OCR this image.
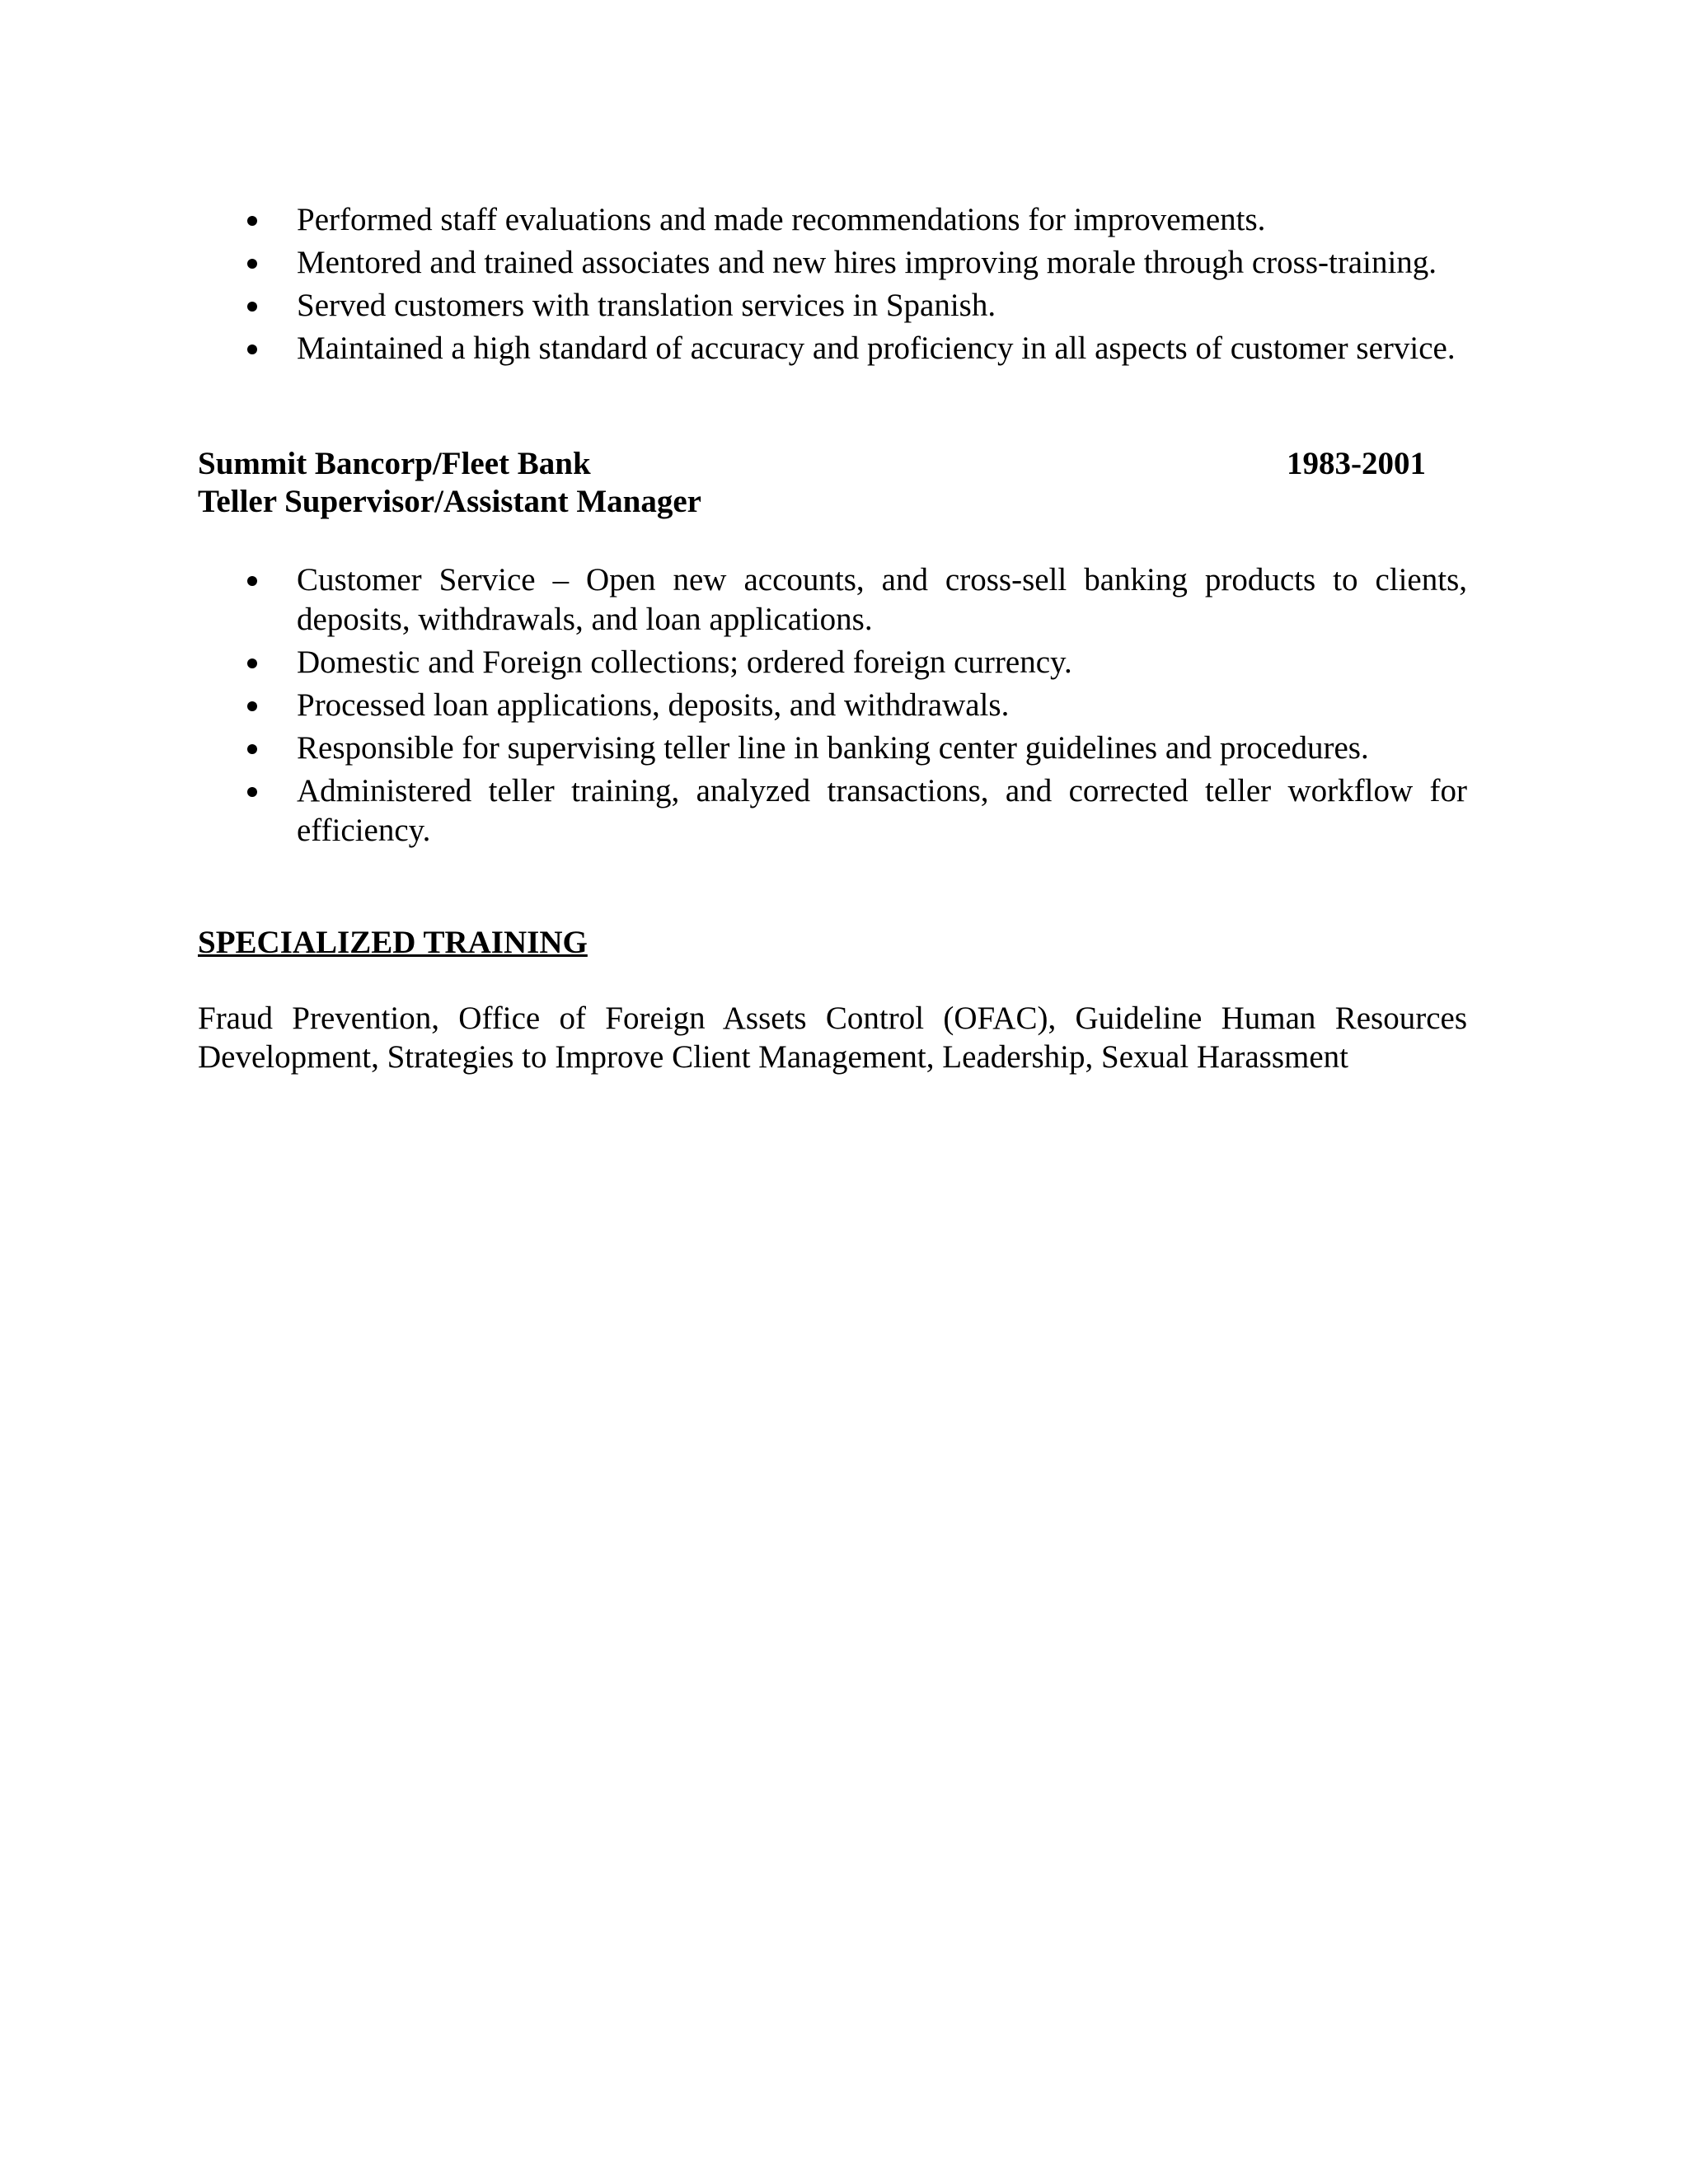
Performed staff evaluations and made recommendations for improvements.
Mentored and trained associates and new hires improving morale through cross-training.
Served customers with translation services in Spanish.
Maintained a high standard of accuracy and proficiency in all aspects of customer service.
Summit Bancorp/Fleet Bank	1983-2001
Teller Supervisor/Assistant Manager
Customer Service – Open new accounts, and cross-sell banking products to clients, deposits, withdrawals, and loan applications.
Domestic and Foreign collections; ordered foreign currency.
Processed loan applications, deposits, and withdrawals.
Responsible for supervising teller line in banking center guidelines and procedures.
Administered teller training, analyzed transactions, and corrected teller workflow for efficiency.
SPECIALIZED TRAINING
Fraud Prevention, Office of Foreign Assets Control (OFAC), Guideline Human Resources Development, Strategies to Improve Client Management, Leadership, Sexual Harassment
